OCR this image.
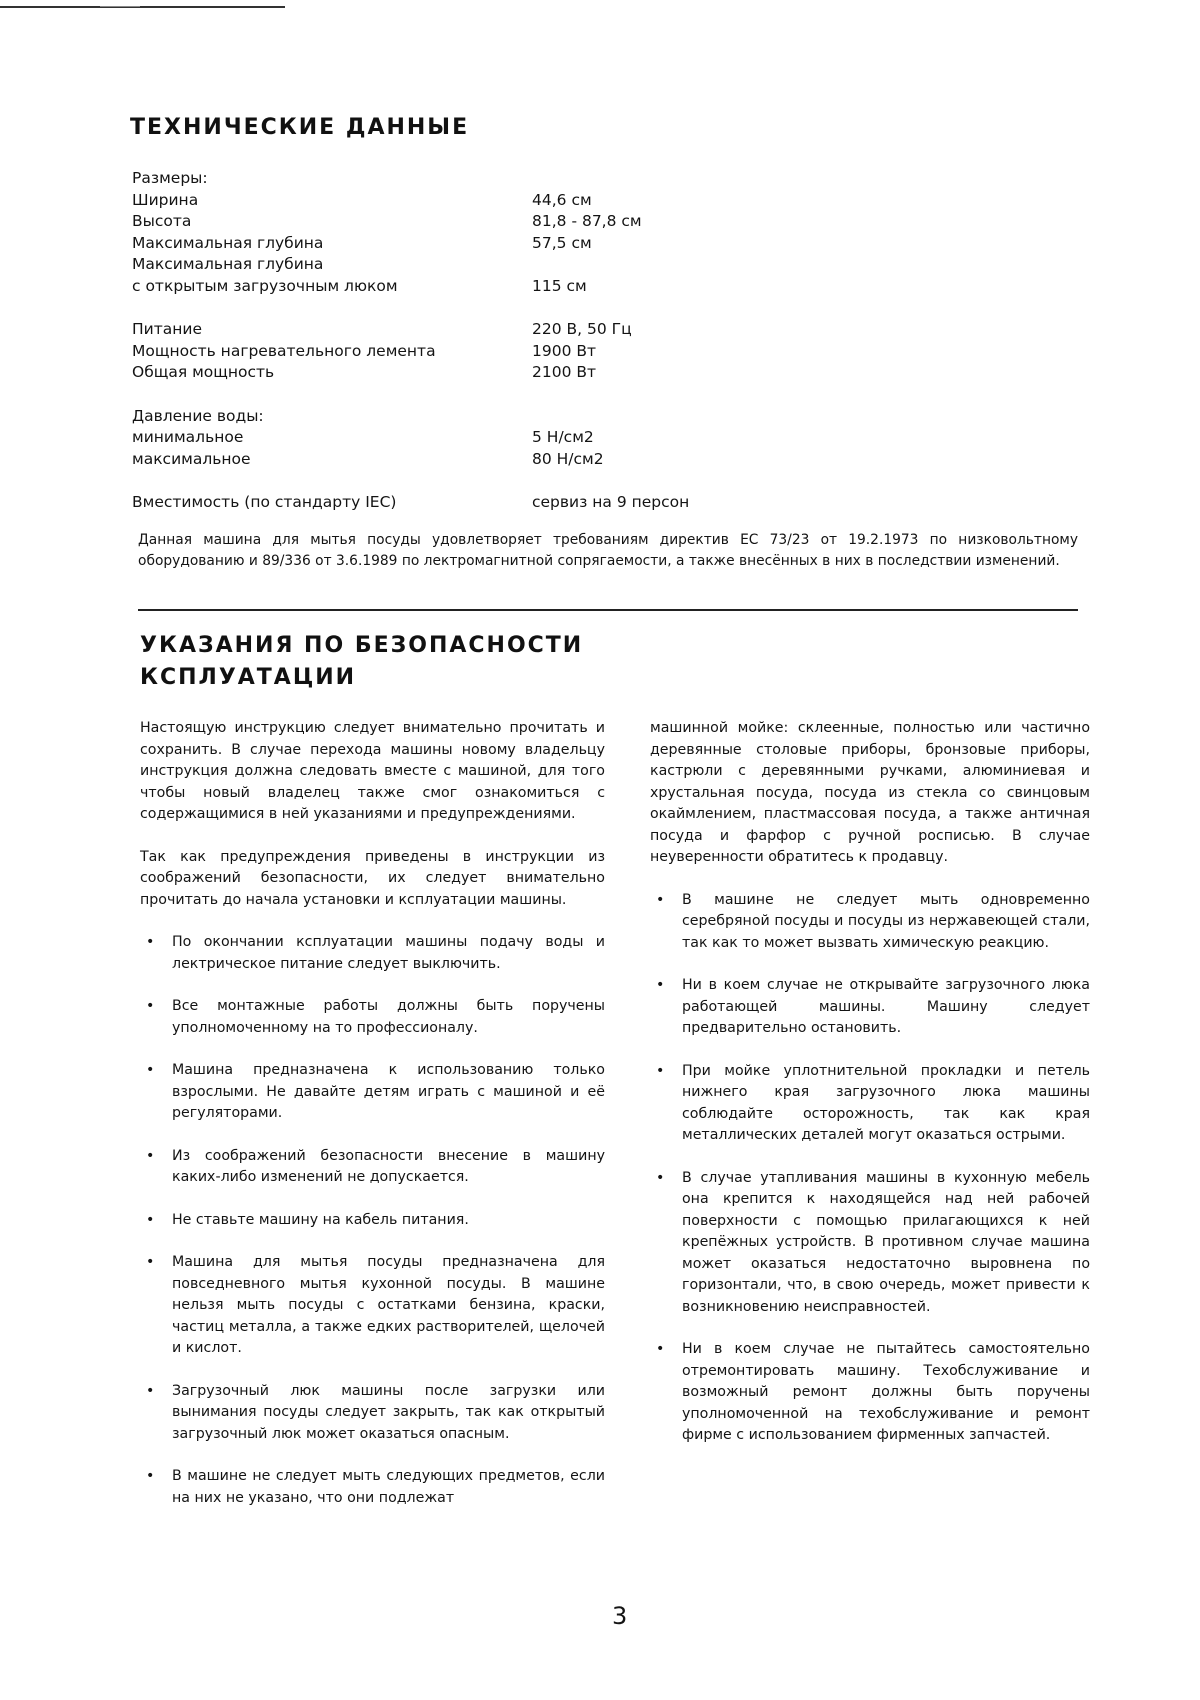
ТЕХНИЧЕСКИЕ ДАННЫЕ
Размеры:
Ширина	44,6 см
Высота	81,8 - 87,8 см
Максимальная глубина	57,5 см
Максимальная глубина
с открытым загрузочным люком	115 см
Питание	220 В, 50 Гц
Мощность нагревательного лемента	1900 Вт
Общая мощность	2100 Вт
Давление воды:
минимальное	5 Н/см2
максимальное	80 Н/см2
Вместимость (по стандарту IEC)	сервиз на 9 персон
Данная машина для мытья посуды удовлетворяет требованиям директив ЕС 73/23 от 19.2.1973 по низковольтному оборудованию и 89/336 от 3.6.1989 по лектромагнитной сопрягаемости, а также внесённых в них в последствии изменений.
УКАЗАНИЯ ПО БЕЗОПАСНОСТИ
КСПЛУАТАЦИИ

Настоящую инструкцию следует внимательно прочитать и сохранить. В случае перехода машины новому владельцу инструкция должна следовать вместе с машиной, для того чтобы новый владелец также смог ознакомиться с содержащимися в ней указаниями и предупреждениями.

Так как предупреждения приведены в инструкции из соображений безопасности, их следует внимательно прочитать до начала установки и ксплуатации машины.

• По окончании ксплуатации машины подачу воды и лектрическое питание следует выключить.
• Все монтажные работы должны быть поручены уполномоченному на то профессионалу.
• Машина предназначена к использованию только взрослыми. Не давайте детям играть с машиной и её регуляторами.
• Из соображений безопасности внесение в машину каких-либо изменений не допускается.
• Не ставьте машину на кабель питания.
• Машина для мытья посуды предназначена для повседневного мытья кухонной посуды. В машине нельзя мыть посуды с остатками бензина, краски, частиц металла, а также едких растворителей, щелочей и кислот.
• Загрузочный люк машины после загрузки или вынимания посуды следует закрыть, так как открытый загрузочный люк может оказаться опасным.
• В машине не следует мыть следующих предметов, если на них не указано, что они подлежат
машинной мойке: склеенные, полностью или частично деревянные столовые приборы, бронзовые приборы, кастрюли с деревянными ручками, алюминиевая и хрустальная посуда, посуда из стекла со свинцовым окаймлением, пластмассовая посуда, а также античная посуда и фарфор с ручной росписью. В случае неуверенности обратитесь к продавцу.
• В машине не следует мыть одновременно серебряной посуды и посуды из нержавеющей стали, так как то может вызвать химическую реакцию.
• Ни в коем случае не открывайте загрузочного люка работающей машины. Машину следует предварительно остановить.
• При мойке уплотнительной прокладки и петель нижнего края загрузочного люка машины соблюдайте осторожность, так как края металлических деталей могут оказаться острыми.
• В случае утапливания машины в кухонную мебель она крепится к находящейся над ней рабочей поверхности с помощью прилагающихся к ней крепёжных устройств. В противном случае машина может оказаться недостаточно выровнена по горизонтали, что, в свою очередь, может привести к возникновению неисправностей.
• Ни в коем случае не пытайтесь самостоятельно отремонтировать машину. Техобслуживание и возможный ремонт должны быть поручены уполномоченной на техобслуживание и ремонт фирме с использованием фирменных запчастей.
3
